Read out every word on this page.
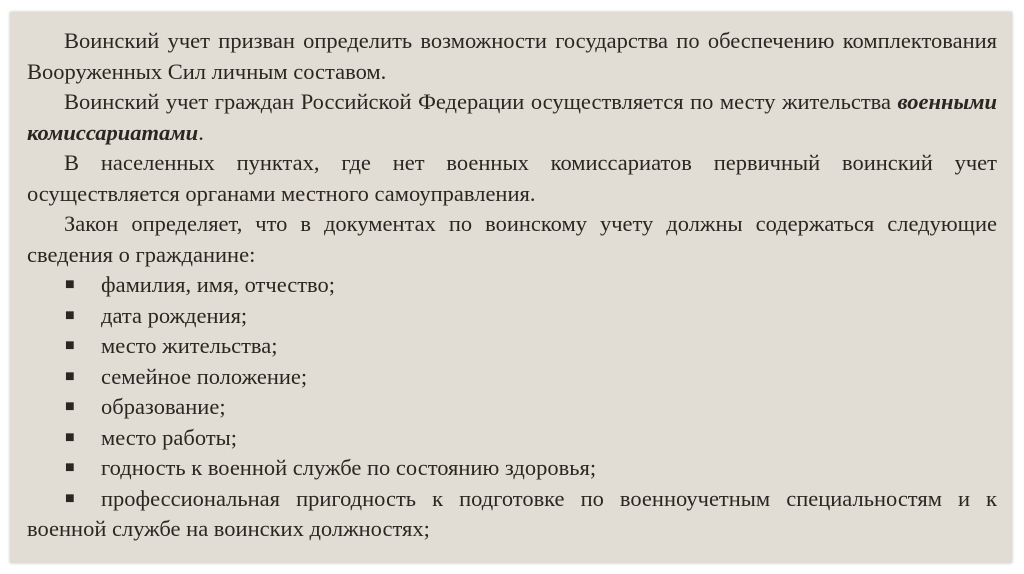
Воинский учет призван определить возможности государства по обеспечению комплектования Вооруженных Сил личным составом.

Воинский учет граждан Российской Федерации осуществляется по месту жительства военными комиссариатами.

В населенных пунктах, где нет военных комиссариатов первичный воинский учет осуществляется органами местного самоуправления.

Закон определяет, что в документах по воинскому учету должны содержаться следующие сведения о гражданине:

■ фамилия, имя, отчество;
■ дата рождения;
■ место жительства;
■ семейное положение;
■ образование;
■ место работы;
■ годность к военной службе по состоянию здоровья;

■ профессиональная пригодность к подготовке по военноучетным специальностям и к военной службе на воинских должностях;
